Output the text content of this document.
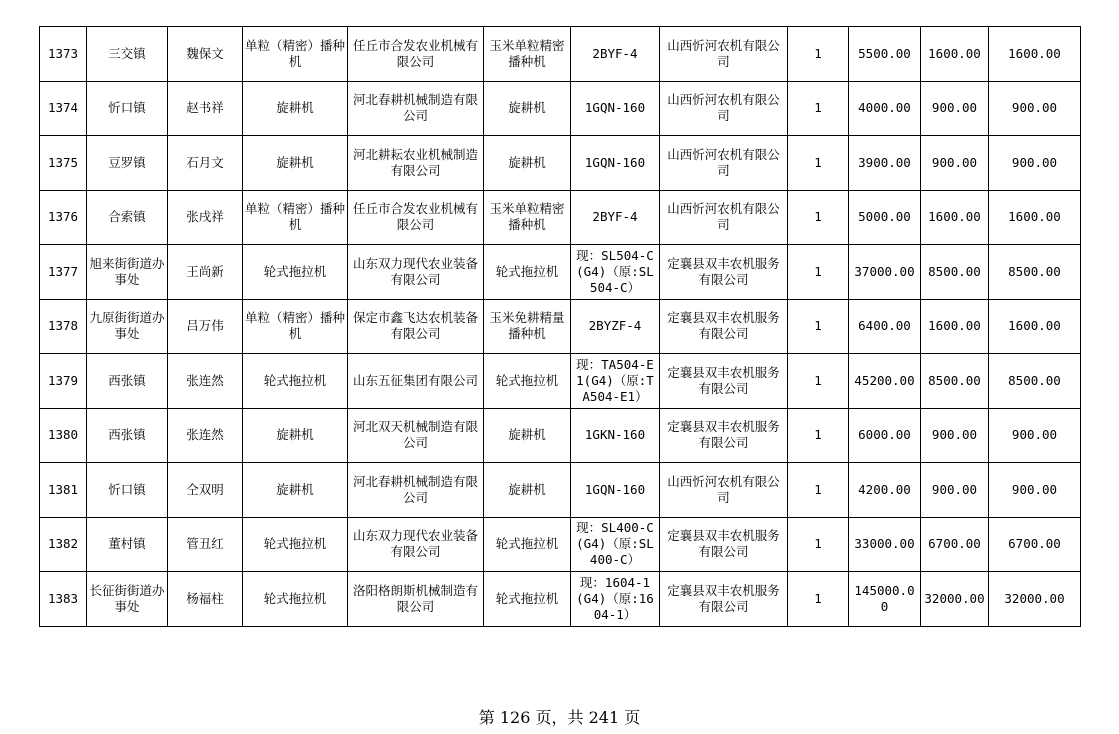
1373	三交镇	魏保文	单粒（精密）播种机	任丘市合发农业机械有限公司	玉米单粒精密播种机	2BYF-4	山西忻河农机有限公司	1	5500.00	1600.00	1600.00
1374	忻口镇	赵书祥	旋耕机	河北春耕机械制造有限公司	旋耕机	1GQN-160	山西忻河农机有限公司	1	4000.00	900.00	900.00
1375	豆罗镇	石月文	旋耕机	河北耕耘农业机械制造有限公司	旋耕机	1GQN-160	山西忻河农机有限公司	1	3900.00	900.00	900.00
1376	合索镇	张戌祥	单粒（精密）播种机	任丘市合发农业机械有限公司	玉米单粒精密播种机	2BYF-4	山西忻河农机有限公司	1	5000.00	1600.00	1600.00
1377	旭来街街道办事处	王尚新	轮式拖拉机	山东双力现代农业装备有限公司	轮式拖拉机	现：SL504-C(G4)（原:SL504-C）	定襄县双丰农机服务有限公司	1	37000.00	8500.00	8500.00
1378	九原街街道办事处	吕万伟	单粒（精密）播种机	保定市鑫飞达农机装备有限公司	玉米免耕精量播种机	2BYZF-4	定襄县双丰农机服务有限公司	1	6400.00	1600.00	1600.00
1379	西张镇	张连然	轮式拖拉机	山东五征集团有限公司	轮式拖拉机	现：TA504-E1(G4)（原:TA504-E1）	定襄县双丰农机服务有限公司	1	45200.00	8500.00	8500.00
1380	西张镇	张连然	旋耕机	河北双天机械制造有限公司	旋耕机	1GKN-160	定襄县双丰农机服务有限公司	1	6000.00	900.00	900.00
1381	忻口镇	仝双明	旋耕机	河北春耕机械制造有限公司	旋耕机	1GQN-160	山西忻河农机有限公司	1	4200.00	900.00	900.00
1382	董村镇	管丑红	轮式拖拉机	山东双力现代农业装备有限公司	轮式拖拉机	现：SL400-C(G4)（原:SL400-C）	定襄县双丰农机服务有限公司	1	33000.00	6700.00	6700.00
1383	长征街街道办事处	杨福柱	轮式拖拉机	洛阳格朗斯机械制造有限公司	轮式拖拉机	现：1604-1(G4)（原:1604-1）	定襄县双丰农机服务有限公司	1	145000.00	32000.00	32000.00
第 126 页，共 241 页
